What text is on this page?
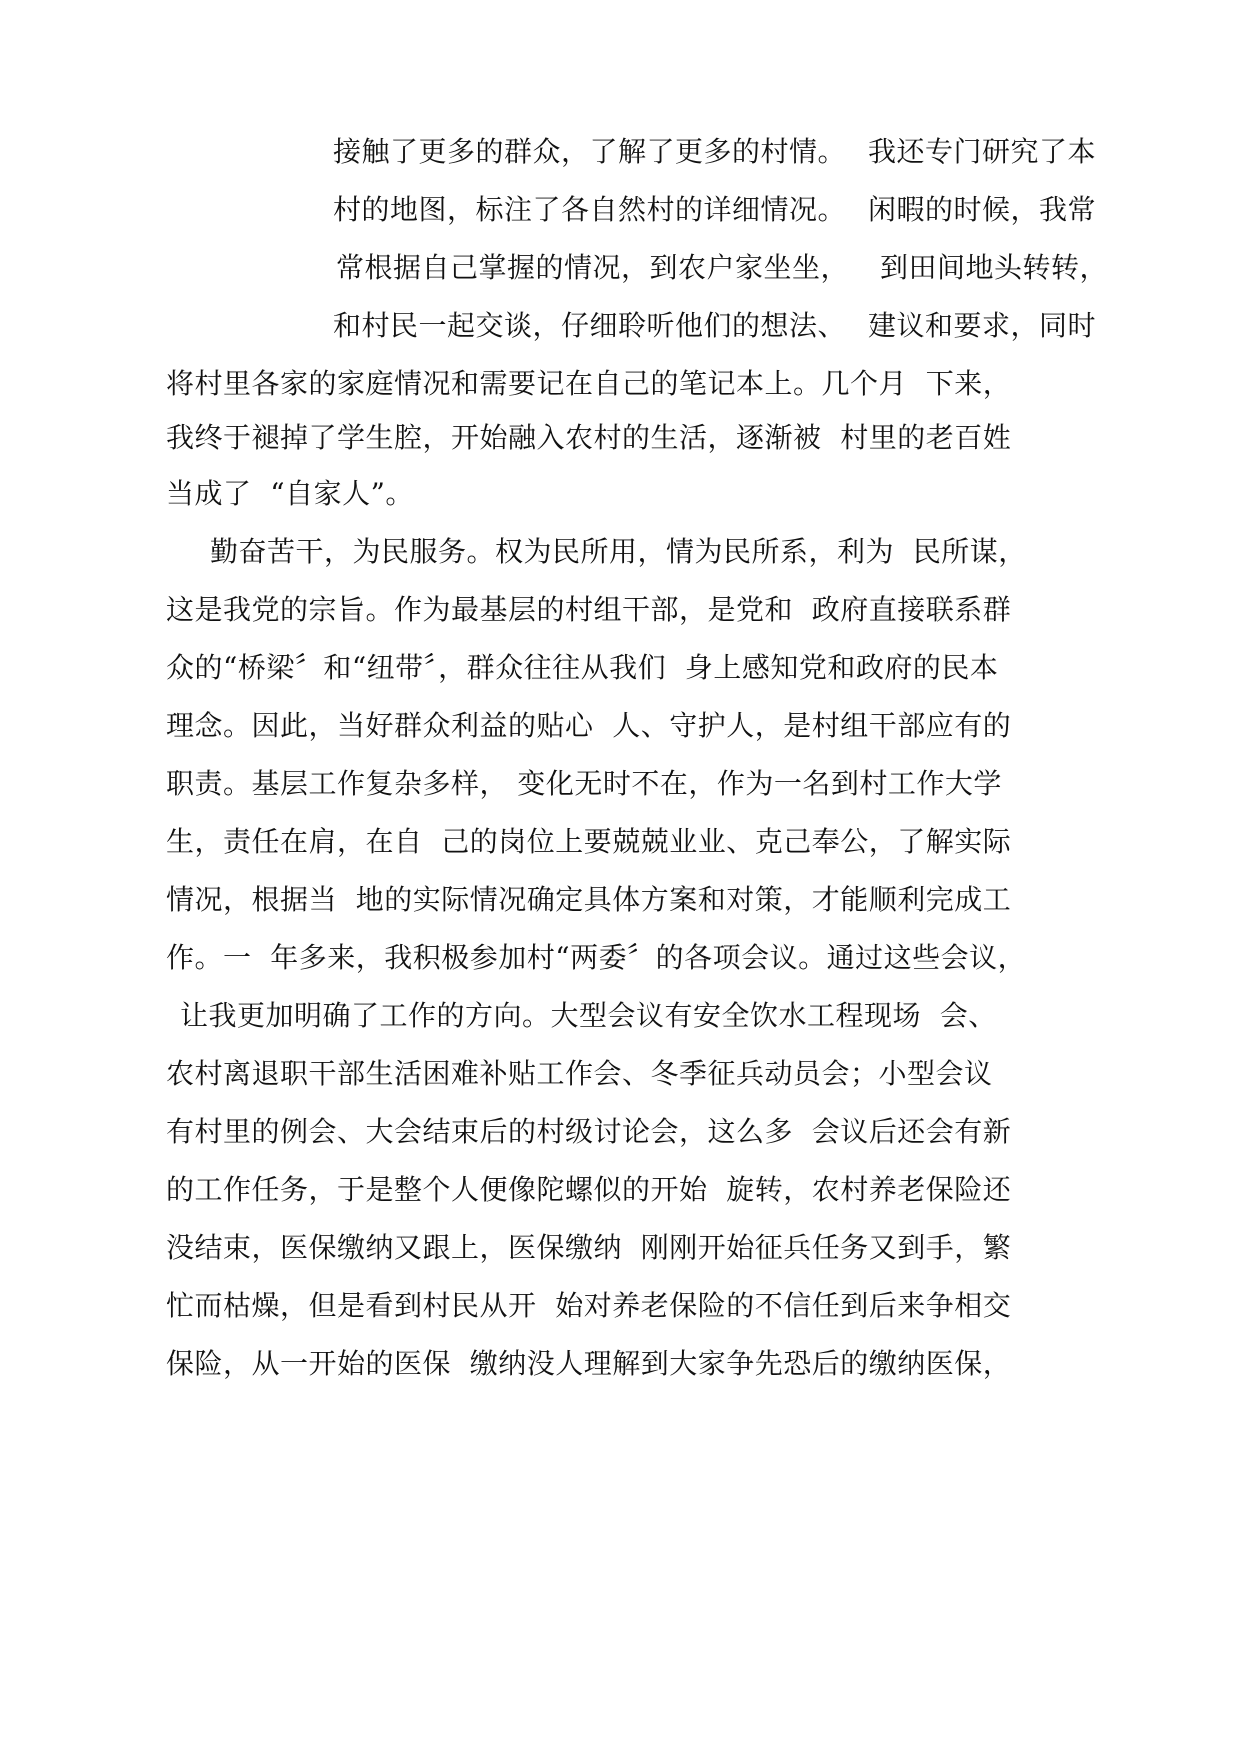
接触了更多的群众，了解了更多的村情。

我还专门研究了本

村的地图，标注了各自然村的详细情况。

闲暇的时候，我常

常根据自己掌握的情况，到农户家坐坐，

到田间地头转转，

和村民一起交谈，仔细聆听他们的想法、

建议和要求，同时

将村里各家的家庭情况和需要记在自己的笔记本上。几个月  下来，
我终于褪掉了学生腔，开始融入农村的生活，逐渐被  村里的老百姓
当成了  “自家人”。
勤奋苦干，为民服务。权为民所用，情为民所系，利为  民所谋，
这是我党的宗旨。作为最基层的村组干部，是党和  政府直接联系群
众的“桥梁〞和“纽带〞，群众往往从我们  身上感知党和政府的民本
理念。因此，当好群众利益的贴心  人、守护人，是村组干部应有的
职责。基层工作复杂多样， 变化无时不在，作为一名到村工作大学
生，责任在肩，在自  己的岗位上要兢兢业业、克己奉公，了解实际
情况，根据当  地的实际情况确定具体方案和对策，才能顺利完成工
作。一  年多来，我积极参加村“两委〞的各项会议。通过这些会议，
让我更加明确了工作的方向。大型会议有安全饮水工程现场  会、
农村离退职干部生活困难补贴工作会、冬季征兵动员会；小型会议
有村里的例会、大会结束后的村级讨论会，这么多  会议后还会有新
的工作任务，于是整个人便像陀螺似的开始  旋转，农村养老保险还
没结束，医保缴纳又跟上，医保缴纳  刚刚开始征兵任务又到手，繁
忙而枯燥，但是看到村民从开  始对养老保险的不信任到后来争相交
保险，从一开始的医保  缴纳没人理解到大家争先恐后的缴纳医保，
